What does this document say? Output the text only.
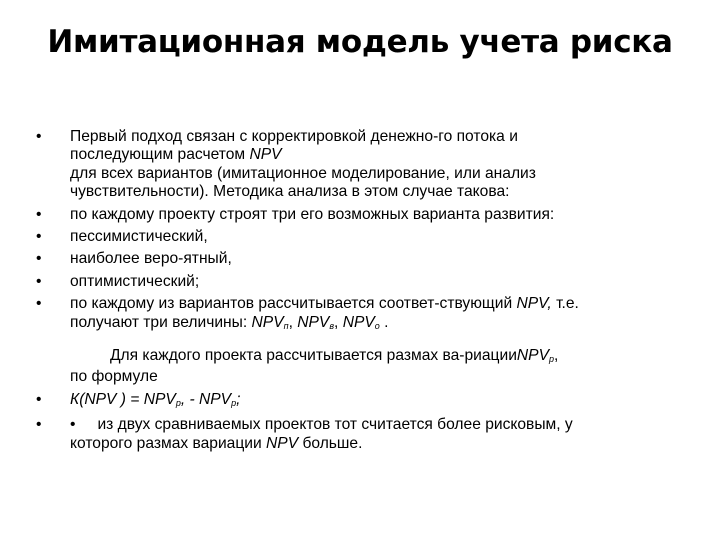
Имитационная модель учета риска
• Первый подход связан с корректировкой денежно-го потока и
последующим расчетом NPV
для всех вариантов (имитационное моделирование, или анализ
чувствительности). Методика анализа в этом случае такова:
• по каждому проекту строят три его возможных варианта развития:
• пессимистический,
• наиболее веро-ятный,
• оптимистический;
• по каждому из вариантов рассчитывается соответ-ствующий NPV, т.е.
получают три величины: $NPV_п$, $NPV_в$, $NPV_о$ .
Для каждого проекта рассчитывается размах ва-риацииNPV$_р$,
по формуле
• К(NPV ) = $NPV_р$, - $NPV_р$;
• • из двух сравниваемых проектов тот считается более рисковым, у
которого размах вариации NPV больше.
